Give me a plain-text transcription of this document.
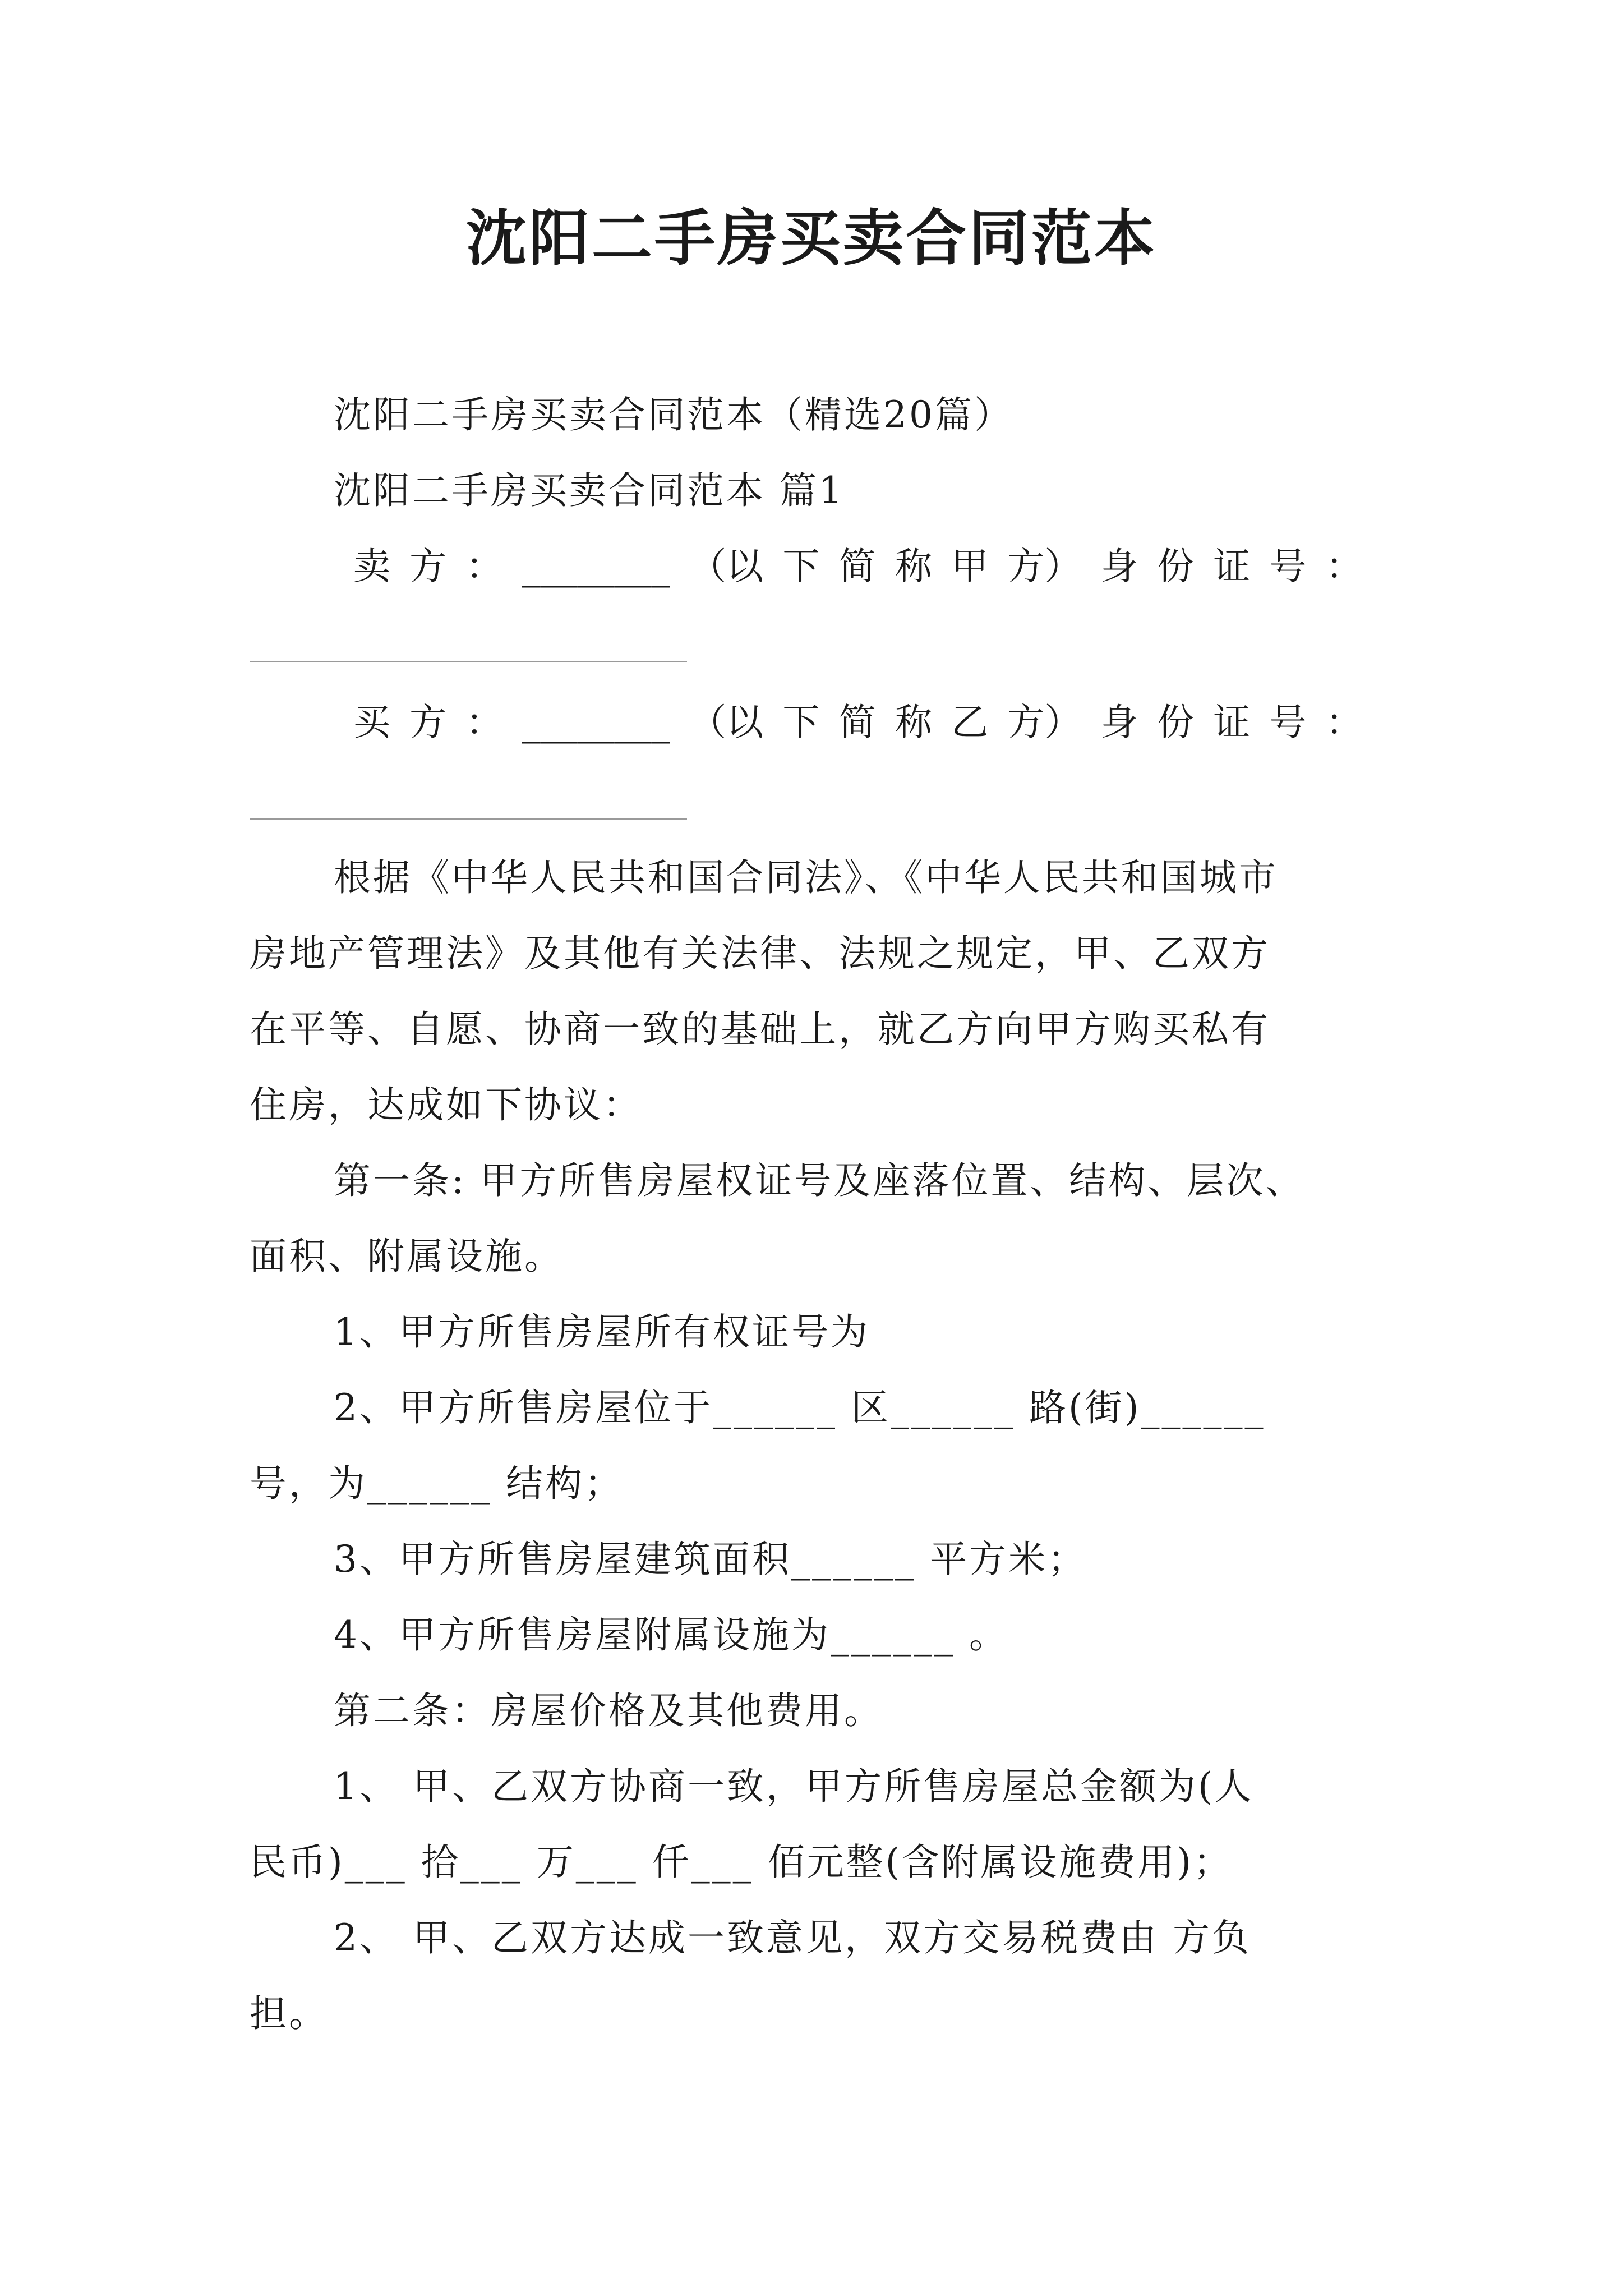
沈阳二手房买卖合同范本
沈阳二手房买卖合同范本（精选20篇）
沈阳二手房买卖合同范本 篇1
卖 方 ： ________ （以 下 简 称 甲 方） 身 份 证 号 ：
买 方 ： ________ （以 下 简 称 乙 方） 身 份 证 号 ：
根据《中华人民共和国合同法》、《中华人民共和国城市
房地产管理法》及其他有关法律、法规之规定，甲、乙双方
在平等、自愿、协商一致的基础上，就乙方向甲方购买私有
住房，达成如下协议：
第一条: 甲方所售房屋权证号及座落位置、结构、层次、
面积、附属设施。
1、甲方所售房屋所有权证号为
2、甲方所售房屋位于______ 区______ 路(街)______
号，为______ 结构；
3、甲方所售房屋建筑面积______ 平方米；
4、甲方所售房屋附属设施为______ 。
第二条：房屋价格及其他费用。
1、 甲、乙双方协商一致，甲方所售房屋总金额为(人
民币)___ 拾___ 万___ 仟___ 佰元整(含附属设施费用)；
2、 甲、乙双方达成一致意见，双方交易税费由 方负
担。
